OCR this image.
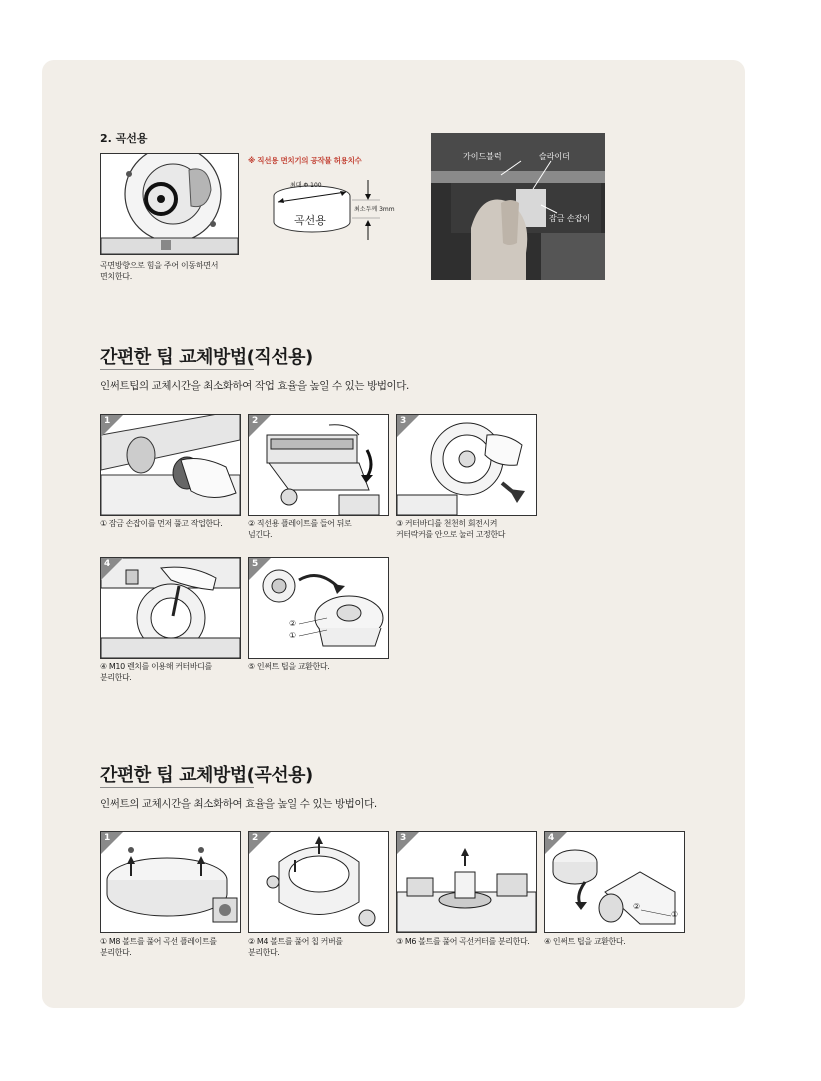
2. 곡선용
곡면방향으로 힘을 주어 이동하면서
면치한다.
※ 직선용 면치기의 공작물 허용치수
최대 Φ 100
최소두께 3mm
곡선용
가이드블럭	슬라이더
잠금 손잡이
간편한 팁 교체방법(직선용)
인써트팁의 교체시간을 최소화하여 작업 효율을 높일 수 있는 방법이다.
1	2	3
① 잠금 손잡이를 먼저 풀고 작업한다.	② 직선용 플레이트를 들어 뒤로
넘긴다.
③ 커터바디를 천천히 회전시켜
커터락커를 안으로 눌러 고정한다
4	5
②
①
④ M10 렌치를 이용해 커터바디를
분리한다.
⑤ 인써트 팁을 교환한다.
간편한 팁 교체방법(곡선용)
인써트의 교체시간을 최소화하여 효율을 높일 수 있는 방법이다.
1	2	3	4
②
①
① M8 볼트를 풀어 곡선 플레이트를
분리한다.
② M4 볼트를 풀어 칩 커버를
분리한다.
③ M6 볼트를 풀어 곡선커터를 분리한다.	④ 인써트 팁을 교환한다.
